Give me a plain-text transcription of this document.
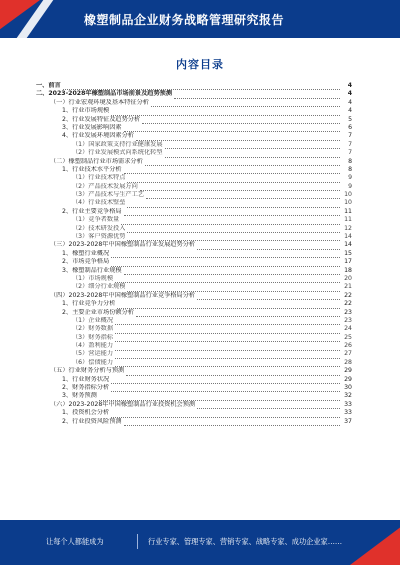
橡塑制品企业财务战略管理研究报告
内容目录
一、前言	4
二、2023-2028年橡塑制品市场前景及趋势预测	4
（一）行业宏观环境及基本特征分析	4
1、行业市场规模	4
2、行业发展特征及趋势分析	5
3、行业发展影响因素	6
4、行业发展环境因素分析	7
（1）国家政策支持行业健康发展	7
（2）行业发展模式向系统化转型	7
（二）橡塑制品行业市场需求分析	8
1、行业技术水平分析	8
（1）行业技术特点	9
（2）产品技术发展方向	9
（3）产品技术与生产工艺	10
（4）行业技术壁垒	10
2、行业主要竞争格局	11
（1）竞争者数量	11
（2）技术研发投入	12
（3）客户资源优势	14
（三）2023-2028年中国橡塑制品行业发展趋势分析	14
1、橡塑行业概况	15
2、市场竞争格局	17
3、橡塑制品行业规模	18
（1）市场规模	20
（2）细分行业规模	21
（四）2023-2028年中国橡塑制品行业竞争格局分析	22
1、行业竞争力分析	22
2、主要企业市场份额分析	23
（1）企业概况	23
（2）财务数据	24
（3）财务指标	25
（4）盈利能力	26
（5）营运能力	27
（6）偿债能力	28
（五）行业财务分析与预测	29
1、行业财务状况	29
2、财务指标分析	30
3、财务预测	32
（六）2023-2028年中国橡塑制品行业投资机会预测	33
1、投资机会分析	33
2、行业投资风险预测	37
让每个人都能成为	行业专家、管理专家、营销专家、战略专家、成功企业家……
